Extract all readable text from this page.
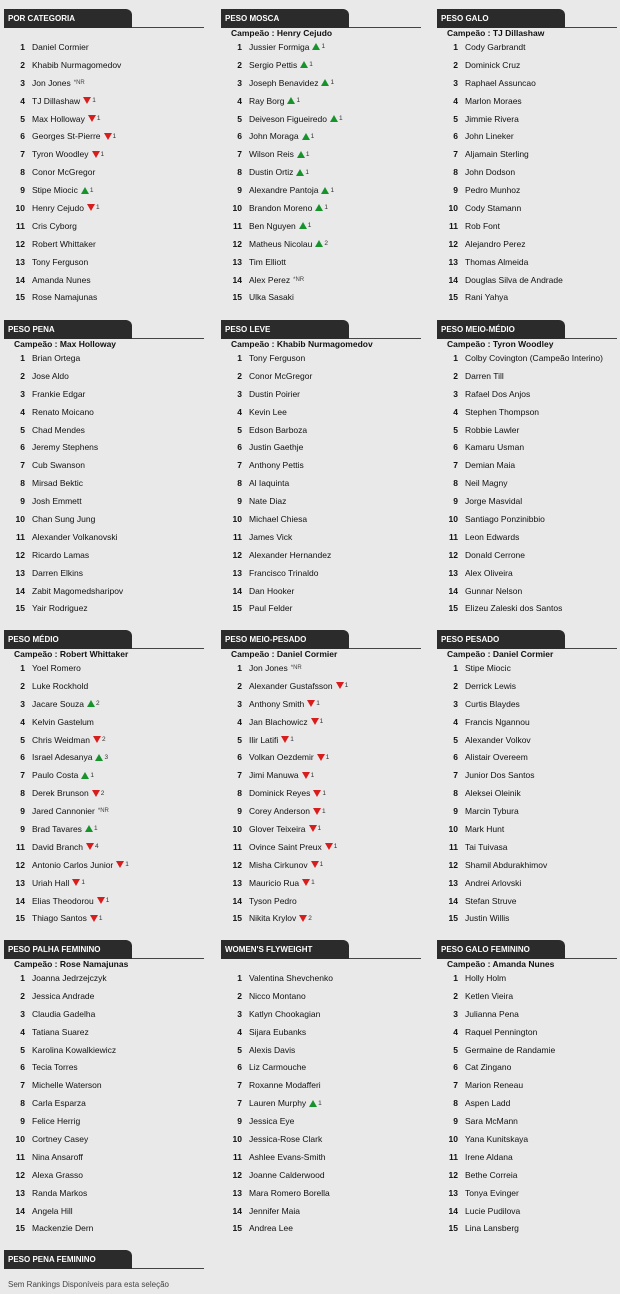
POR CATEGORIA
1 Daniel Cormier
2 Khabib Nurmagomedov
3 Jon Jones *NR
4 TJ Dillashaw 1
5 Max Holloway 1
6 Georges St-Pierre 1
7 Tyron Woodley 1
8 Conor McGregor
9 Stipe Miocic 1
10 Henry Cejudo 1
11 Cris Cyborg
12 Robert Whittaker
13 Tony Ferguson
14 Amanda Nunes
15 Rose Namajunas
PESO MOSCA
Campeão : Henry Cejudo
1 Jussier Formiga 1
2 Sergio Pettis 1
3 Joseph Benavidez 1
4 Ray Borg 1
5 Deiveson Figueiredo 1
6 John Moraga 1
7 Wilson Reis 1
8 Dustin Ortiz 1
9 Alexandre Pantoja 1
10 Brandon Moreno 1
11 Ben Nguyen 1
12 Matheus Nicolau 2
13 Tim Elliott
14 Alex Perez *NR
15 Ulka Sasaki
PESO GALO
Campeão : TJ Dillashaw
1 Cody Garbrandt
2 Dominick Cruz
3 Raphael Assuncao
4 Marlon Moraes
5 Jimmie Rivera
6 John Lineker
7 Aljamain Sterling
8 John Dodson
9 Pedro Munhoz
10 Cody Stamann
11 Rob Font
12 Alejandro Perez
13 Thomas Almeida
14 Douglas Silva de Andrade
15 Rani Yahya
PESO PENA
Campeão : Max Holloway
1 Brian Ortega
2 Jose Aldo
3 Frankie Edgar
4 Renato Moicano
5 Chad Mendes
6 Jeremy Stephens
7 Cub Swanson
8 Mirsad Bektic
9 Josh Emmett
10 Chan Sung Jung
11 Alexander Volkanovski
12 Ricardo Lamas
13 Darren Elkins
14 Zabit Magomedsharipov
15 Yair Rodriguez
PESO LEVE
Campeão : Khabib Nurmagomedov
1 Tony Ferguson
2 Conor McGregor
3 Dustin Poirier
4 Kevin Lee
5 Edson Barboza
6 Justin Gaethje
7 Anthony Pettis
8 Al Iaquinta
9 Nate Diaz
10 Michael Chiesa
11 James Vick
12 Alexander Hernandez
13 Francisco Trinaldo
14 Dan Hooker
15 Paul Felder
PESO MEIO-MÉDIO
Campeão : Tyron Woodley
1 Colby Covington (Campeão Interino)
2 Darren Till
3 Rafael Dos Anjos
4 Stephen Thompson
5 Robbie Lawler
6 Kamaru Usman
7 Demian Maia
8 Neil Magny
9 Jorge Masvidal
10 Santiago Ponzinibbio
11 Leon Edwards
12 Donald Cerrone
13 Alex Oliveira
14 Gunnar Nelson
15 Elizeu Zaleski dos Santos
PESO MÉDIO
Campeão : Robert Whittaker
1 Yoel Romero
2 Luke Rockhold
3 Jacare Souza 2
4 Kelvin Gastelum
5 Chris Weidman 2
6 Israel Adesanya 3
7 Paulo Costa 1
8 Derek Brunson 2
9 Jared Cannonier *NR
9 Brad Tavares 1
11 David Branch 4
12 Antonio Carlos Junior 1
13 Uriah Hall 1
14 Elias Theodorou 1
15 Thiago Santos 1
PESO MEIO-PESADO
Campeão : Daniel Cormier
1 Jon Jones *NR
2 Alexander Gustafsson 1
3 Anthony Smith 1
4 Jan Blachowicz 1
5 Ilir Latifi 1
6 Volkan Oezdemir 1
7 Jimi Manuwa 1
8 Dominick Reyes 1
9 Corey Anderson 1
10 Glover Teixeira 1
11 Ovince Saint Preux 1
12 Misha Cirkunov 1
13 Mauricio Rua 1
14 Tyson Pedro
15 Nikita Krylov 2
PESO PESADO
Campeão : Daniel Cormier
1 Stipe Miocic
2 Derrick Lewis
3 Curtis Blaydes
4 Francis Ngannou
5 Alexander Volkov
6 Alistair Overeem
7 Junior Dos Santos
8 Aleksei Oleinik
9 Marcin Tybura
10 Mark Hunt
11 Tai Tuivasa
12 Shamil Abdurakhimov
13 Andrei Arlovski
14 Stefan Struve
15 Justin Willis
PESO PALHA FEMININO
Campeão : Rose Namajunas
1 Joanna Jedrzejczyk
2 Jessica Andrade
3 Claudia Gadelha
4 Tatiana Suarez
5 Karolina Kowalkiewicz
6 Tecia Torres
7 Michelle Waterson
8 Carla Esparza
9 Felice Herrig
10 Cortney Casey
11 Nina Ansaroff
12 Alexa Grasso
13 Randa Markos
14 Angela Hill
15 Mackenzie Dern
WOMEN'S FLYWEIGHT
1 Valentina Shevchenko
2 Nicco Montano
3 Katlyn Chookagian
4 Sijara Eubanks
5 Alexis Davis
6 Liz Carmouche
7 Roxanne Modafferi
7 Lauren Murphy 1
9 Jessica Eye
10 Jessica-Rose Clark
11 Ashlee Evans-Smith
12 Joanne Calderwood
13 Mara Romero Borella
14 Jennifer Maia
15 Andrea Lee
PESO GALO FEMININO
Campeão : Amanda Nunes
1 Holly Holm
2 Ketlen Vieira
3 Julianna Pena
4 Raquel Pennington
5 Germaine de Randamie
6 Cat Zingano
7 Marion Reneau
8 Aspen Ladd
9 Sara McMann
10 Yana Kunitskaya
11 Irene Aldana
12 Bethe Correia
13 Tonya Evinger
14 Lucie Pudilova
15 Lina Lansberg
PESO PENA FEMININO
Sem Rankings Disponíveis para esta seleção
